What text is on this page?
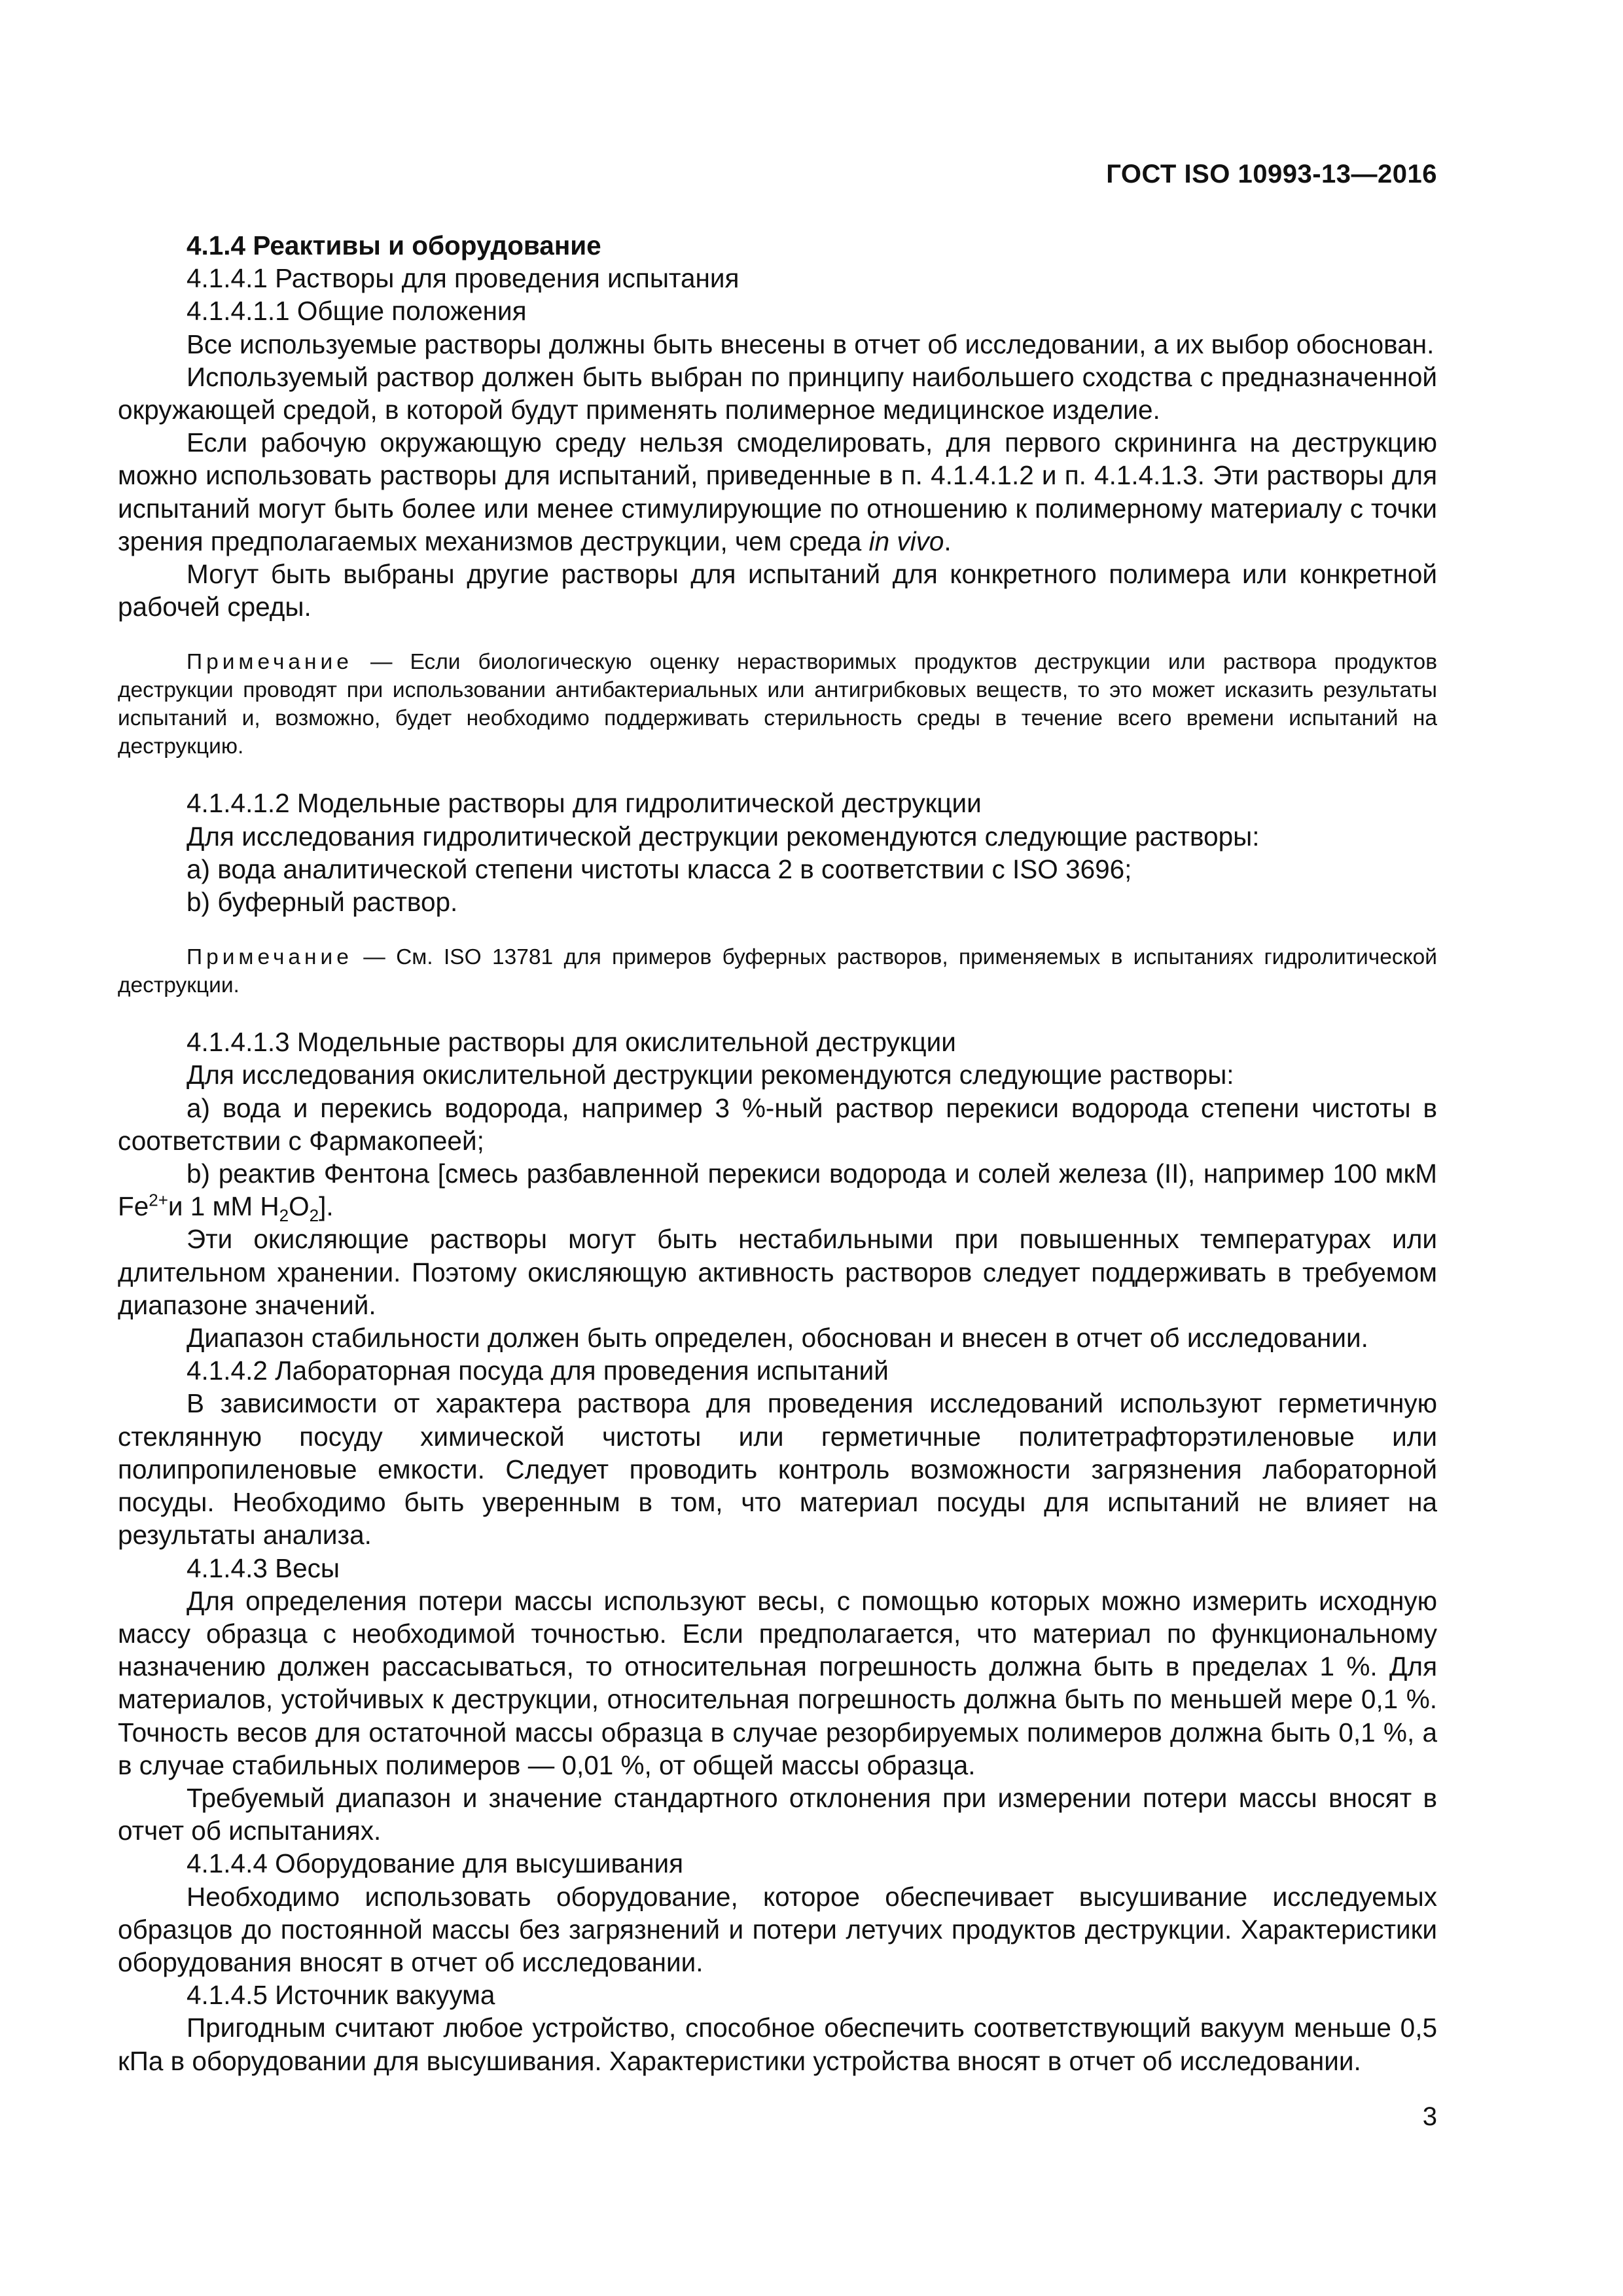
ГОСТ ISO 10993-13—2016

4.1.4 Реактивы и оборудование

4.1.4.1 Растворы для проведения испытания

4.1.4.1.1 Общие положения

Все используемые растворы должны быть внесены в отчет об исследовании, а их выбор обоснован.

Используемый раствор должен быть выбран по принципу наибольшего сходства с предназначенной окружающей средой, в которой будут применять полимерное медицинское изделие.

Если рабочую окружающую среду нельзя смоделировать, для первого скрининга на деструкцию можно использовать растворы для испытаний, приведенные в п. 4.1.4.1.2 и п. 4.1.4.1.3. Эти растворы для испытаний могут быть более или менее стимулирующие по отношению к полимерному материалу с точки зрения предполагаемых механизмов деструкции, чем среда in vivo.

Могут быть выбраны другие растворы для испытаний для конкретного полимера или конкретной рабочей среды.

Примечание — Если биологическую оценку нерастворимых продуктов деструкции или раствора продуктов деструкции проводят при использовании антибактериальных или антигрибковых веществ, то это может исказить результаты испытаний и, возможно, будет необходимо поддерживать стерильность среды в течение всего времени испытаний на деструкцию.

4.1.4.1.2 Модельные растворы для гидролитической деструкции

Для исследования гидролитической деструкции рекомендуются следующие растворы:

a) вода аналитической степени чистоты класса 2 в соответствии с ISO 3696;

b) буферный раствор.

Примечание — См. ISO 13781 для примеров буферных растворов, применяемых в испытаниях гидролитической деструкции.

4.1.4.1.3 Модельные растворы для окислительной деструкции

Для исследования окислительной деструкции рекомендуются следующие растворы:

a) вода и перекись водорода, например 3 %-ный раствор перекиси водорода степени чистоты в соответствии с Фармакопеей;

b) реактив Фентона [смесь разбавленной перекиси водорода и солей железа (II), например 100 мкМ $Fe^{2+}и$ 1 мМ $H_2O_2$].

Эти окисляющие растворы могут быть нестабильными при повышенных температурах или длительном хранении. Поэтому окисляющую активность растворов следует поддерживать в требуемом диапазоне значений.

Диапазон стабильности должен быть определен, обоснован и внесен в отчет об исследовании.

4.1.4.2 Лабораторная посуда для проведения испытаний

В зависимости от характера раствора для проведения исследований используют герметичную стеклянную посуду химической чистоты или герметичные политетрафторэтиленовые или полипропиленовые емкости. Следует проводить контроль возможности загрязнения лабораторной посуды. Необходимо быть уверенным в том, что материал посуды для испытаний не влияет на результаты анализа.

4.1.4.3 Весы

Для определения потери массы используют весы, с помощью которых можно измерить исходную массу образца с необходимой точностью. Если предполагается, что материал по функциональному назначению должен рассасываться, то относительная погрешность должна быть в пределах 1 %. Для материалов, устойчивых к деструкции, относительная погрешность должна быть по меньшей мере 0,1 %. Точность весов для остаточной массы образца в случае резорбируемых полимеров должна быть 0,1 %, а в случае стабильных полимеров — 0,01 %, от общей массы образца.

Требуемый диапазон и значение стандартного отклонения при измерении потери массы вносят в отчет об испытаниях.

4.1.4.4 Оборудование для высушивания

Необходимо использовать оборудование, которое обеспечивает высушивание исследуемых образцов до постоянной массы без загрязнений и потери летучих продуктов деструкции. Характеристики оборудования вносят в отчет об исследовании.

4.1.4.5 Источник вакуума

Пригодным считают любое устройство, способное обеспечить соответствующий вакуум меньше 0,5 кПа в оборудовании для высушивания. Характеристики устройства вносят в отчет об исследовании.

3
